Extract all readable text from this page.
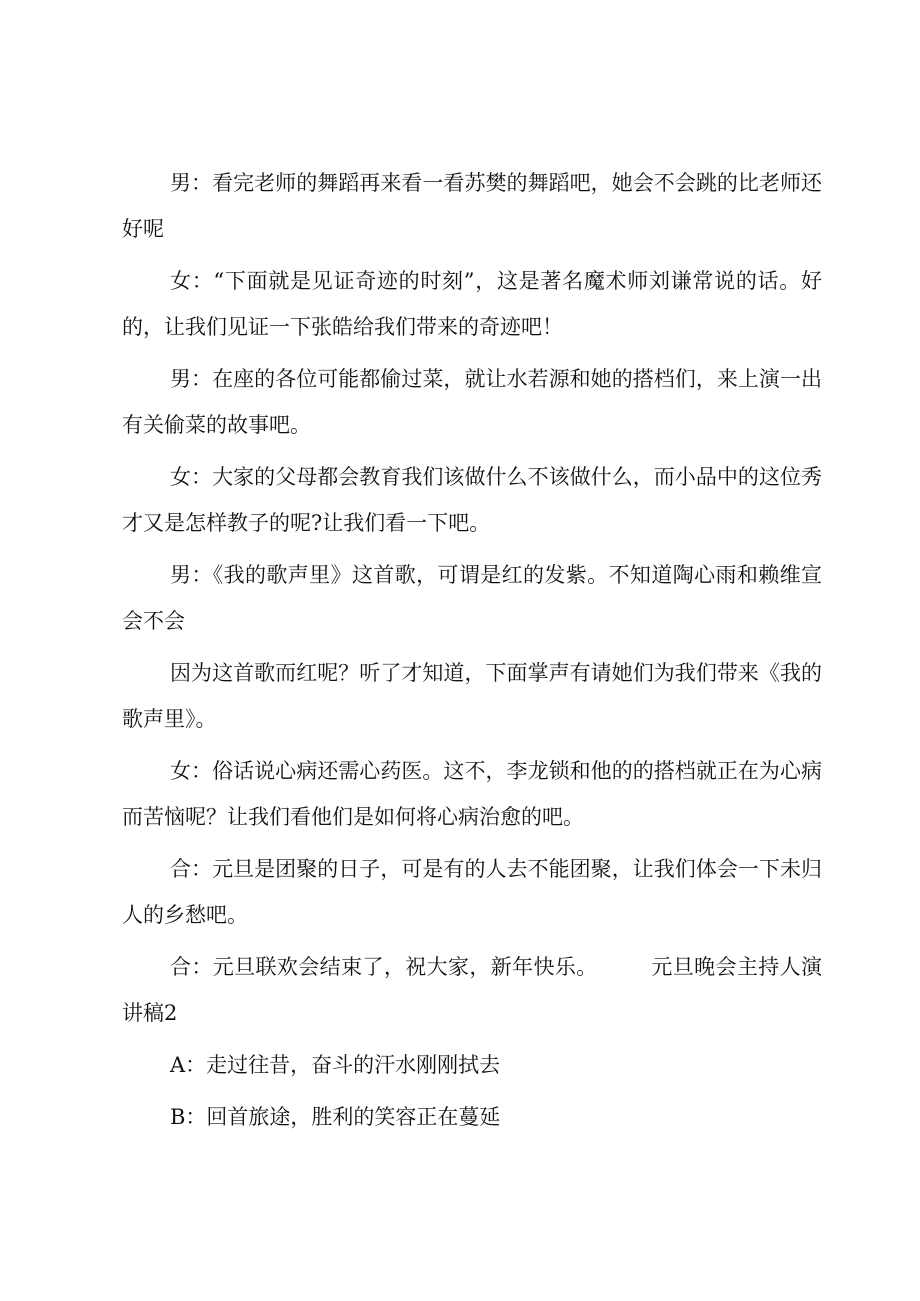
男：看完老师的舞蹈再来看一看苏樊的舞蹈吧，她会不会跳的比老师还好呢

女：“下面就是见证奇迹的时刻”，这是著名魔术师刘谦常说的话。好的，让我们见证一下张皓给我们带来的奇迹吧！

男：在座的各位可能都偷过菜，就让水若源和她的搭档们，来上演一出有关偷菜的故事吧。

女：大家的父母都会教育我们该做什么不该做什么，而小品中的这位秀才又是怎样教子的呢?让我们看一下吧。

男：《我的歌声里》这首歌，可谓是红的发紫。不知道陶心雨和赖维宣会不会

因为这首歌而红呢？听了才知道，下面掌声有请她们为我们带来《我的歌声里》。

女：俗话说心病还需心药医。这不，李龙锁和他的的搭档就正在为心病而苦恼呢？让我们看他们是如何将心病治愈的吧。

合：元旦是团聚的日子，可是有的人去不能团聚，让我们体会一下未归人的乡愁吧。

合：元旦联欢会结束了，祝大家，新年快乐。　　　元旦晚会主持人演讲稿2

A：走过往昔，奋斗的汗水刚刚拭去

B：回首旅途，胜利的笑容正在蔓延
